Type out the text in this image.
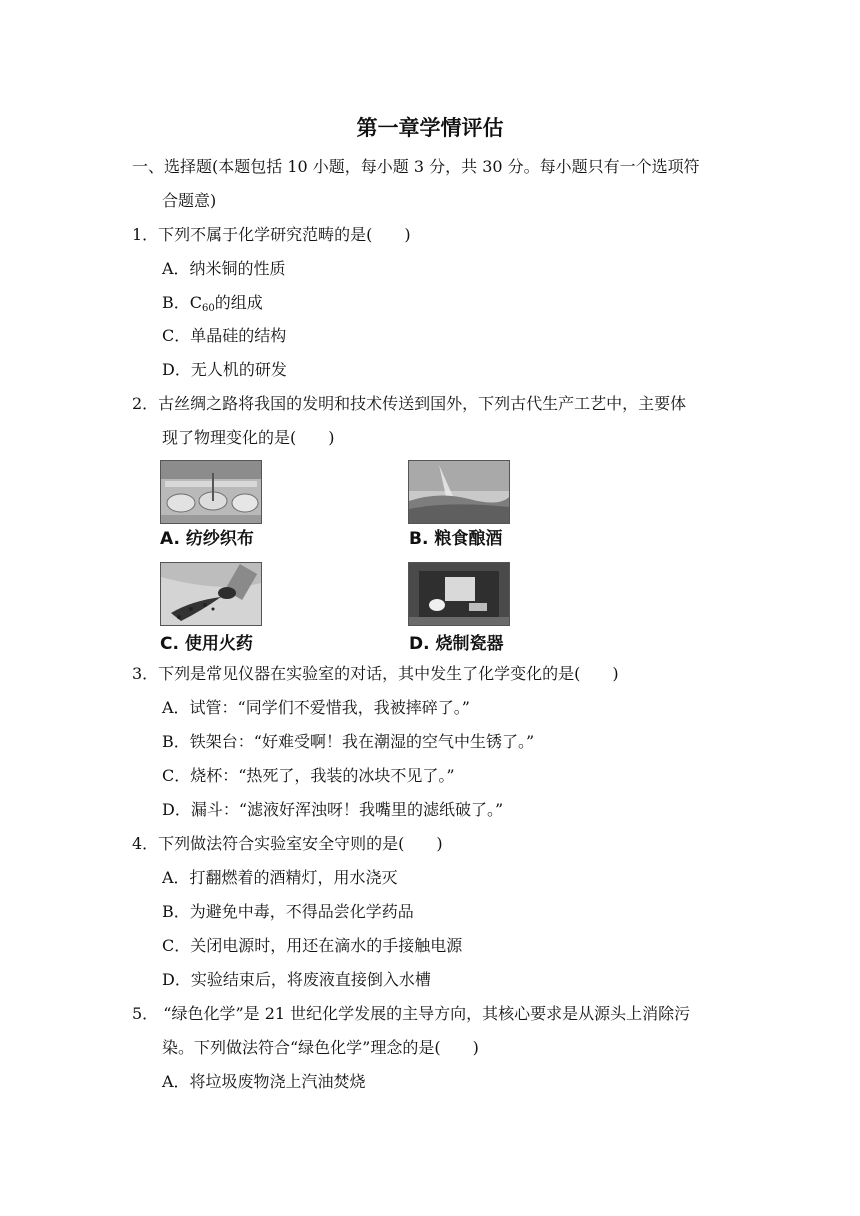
第一章学情评估
一、选择题(本题包括 10 小题，每小题 3 分，共 30 分。每小题只有一个选项符
合题意)
1．下列不属于化学研究范畴的是(　　)
A．纳米铜的性质
B．$C_{60}$的组成
C．单晶硅的结构
D．无人机的研发
2．古丝绸之路将我国的发明和技术传送到国外，下列古代生产工艺中，主要体
现了物理变化的是(　　)
A. 纺纱织布	B. 粮食酿酒
C. 使用火药	D. 烧制瓷器
3．下列是常见仪器在实验室的对话，其中发生了化学变化的是(　　)
A．试管：“同学们不爱惜我，我被摔碎了。”
B．铁架台：“好难受啊！我在潮湿的空气中生锈了。”
C．烧杯：“热死了，我装的冰块不见了。”
D．漏斗：“滤液好浑浊呀！我嘴里的滤纸破了。”
4．下列做法符合实验室安全守则的是(　　)
A．打翻燃着的酒精灯，用水浇灭
B．为避免中毒，不得品尝化学药品
C．关闭电源时，用还在滴水的手接触电源
D．实验结束后，将废液直接倒入水槽
5． “绿色化学”是 21 世纪化学发展的主导方向，其核心要求是从源头上消除污
染。下列做法符合“绿色化学”理念的是(　　)
A．将垃圾废物浇上汽油焚烧
